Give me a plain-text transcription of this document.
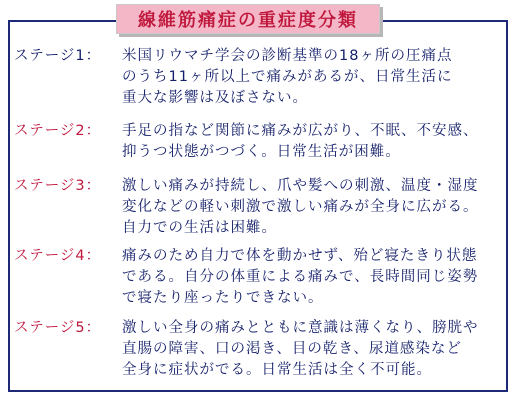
線維筋痛症の重症度分類
ステージ1：	米国リウマチ学会の診断基準の18ヶ所の圧痛点
のうち11ヶ所以上で痛みがあるが、日常生活に
重大な影響は及ぼさない。
ステージ2：	手足の指など関節に痛みが広がり、不眠、不安感、
抑うつ状態がつづく。日常生活が困難。
ステージ3：	激しい痛みが持続し、爪や髪への刺激、温度・湿度
変化などの軽い刺激で激しい痛みが全身に広がる。
自力での生活は困難。
ステージ4：	痛みのため自力で体を動かせず、殆ど寝たきり状態
である。自分の体重による痛みで、長時間同じ姿勢
で寝たり座ったりできない。
ステージ5：	激しい全身の痛みとともに意識は薄くなり、膀胱や
直腸の障害、口の渇き、目の乾き、尿道感染など
全身に症状がでる。日常生活は全く不可能。
